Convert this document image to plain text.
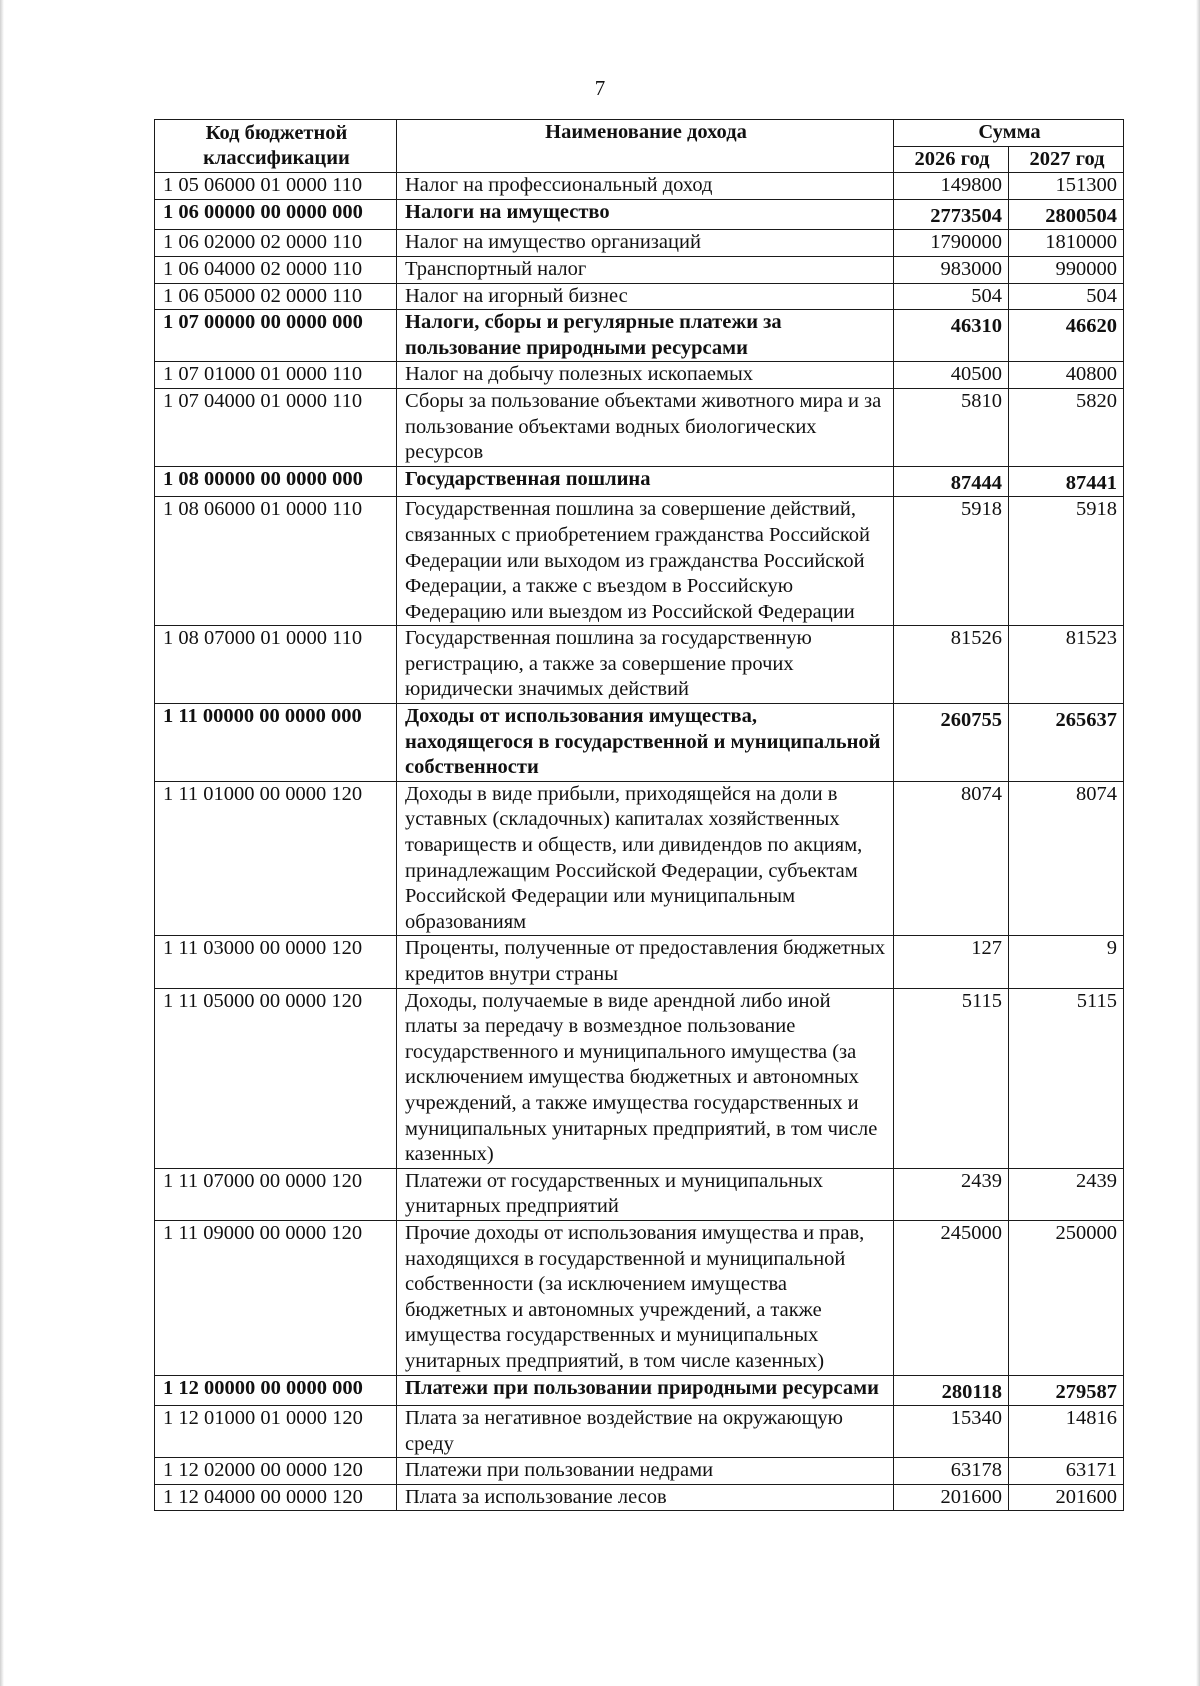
7
Код бюджетной классификации	Наименование дохода	Сумма	
		2026 год	2027 год
1 05 06000 01 0000 110	Налог на профессиональный доход	149800	151300
1 06 00000 00 0000 000	Налоги на имущество	2773504	2800504
1 06 02000 02 0000 110	Налог на имущество организаций	1790000	1810000
1 06 04000 02 0000 110	Транспортный налог	983000	990000
1 06 05000 02 0000 110	Налог на игорный бизнес	504	504
1 07 00000 00 0000 000	Налоги, сборы и регулярные платежи за пользование природными ресурсами	46310	46620
1 07 01000 01 0000 110	Налог на добычу полезных ископаемых	40500	40800
1 07 04000 01 0000 110	Сборы за пользование объектами животного мира и за пользование объектами водных биологических ресурсов	5810	5820
1 08 00000 00 0000 000	Государственная пошлина	87444	87441
1 08 06000 01 0000 110	Государственная пошлина за совершение действий, связанных с приобретением гражданства Российской Федерации или выходом из гражданства Российской Федерации, а также с въездом в Российскую Федерацию или выездом из Российской Федерации	5918	5918
1 08 07000 01 0000 110	Государственная пошлина за государственную регистрацию, а также за совершение прочих юридически значимых действий	81526	81523
1 11 00000 00 0000 000	Доходы от использования имущества, находящегося в государственной и муниципальной собственности	260755	265637
1 11 01000 00 0000 120	Доходы в виде прибыли, приходящейся на доли в уставных (складочных) капиталах хозяйственных товариществ и обществ, или дивидендов по акциям, принадлежащим Российской Федерации, субъектам Российской Федерации или муниципальным образованиям	8074	8074
1 11 03000 00 0000 120	Проценты, полученные от предоставления бюджетных кредитов внутри страны	127	9
1 11 05000 00 0000 120	Доходы, получаемые в виде арендной либо иной платы за передачу в возмездное пользование государственного и муниципального имущества (за исключением имущества бюджетных и автономных учреждений, а также имущества государственных и муниципальных унитарных предприятий, в том числе казенных)	5115	5115
1 11 07000 00 0000 120	Платежи от государственных и муниципальных унитарных предприятий	2439	2439
1 11 09000 00 0000 120	Прочие доходы от использования имущества и прав, находящихся в государственной и муниципальной собственности (за исключением имущества бюджетных и автономных учреждений, а также имущества государственных и муниципальных унитарных предприятий, в том числе казенных)	245000	250000
1 12 00000 00 0000 000	Платежи при пользовании природными ресурсами	280118	279587
1 12 01000 01 0000 120	Плата за негативное воздействие на окружающую среду	15340	14816
1 12 02000 00 0000 120	Платежи при пользовании недрами	63178	63171
1 12 04000 00 0000 120	Плата за использование лесов	201600	201600
